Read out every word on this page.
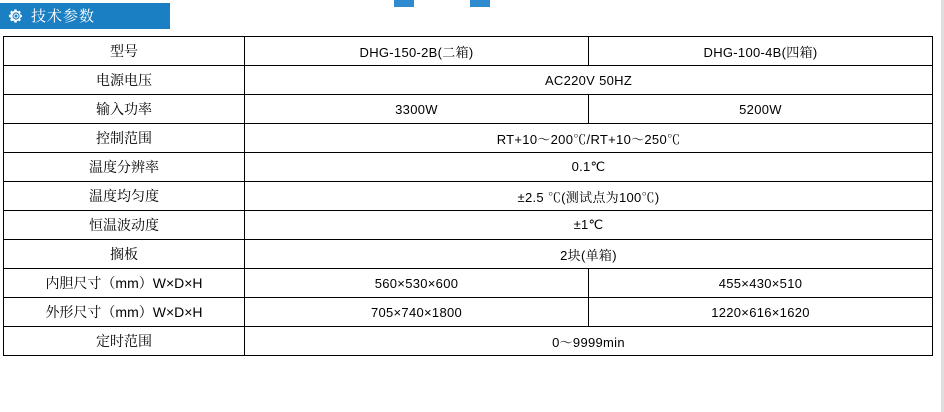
技术参数
型号	DHG-150-2B(二箱)	DHG-100-4B(四箱)
电源电压	AC220V 50HZ	
输入功率	3300W	5200W
控制范围	RT+10～200℃/RT+10～250℃	
温度分辨率	0.1℃	
温度均匀度	±2.5 ℃(测试点为100℃)	
恒温波动度	±1℃	
搁板	2块(单箱)	
内胆尺寸（mm）W×D×H	560×530×600	455×430×510
外形尺寸（mm）W×D×H	705×740×1800	1220×616×1620
定时范围	0～9999min	
